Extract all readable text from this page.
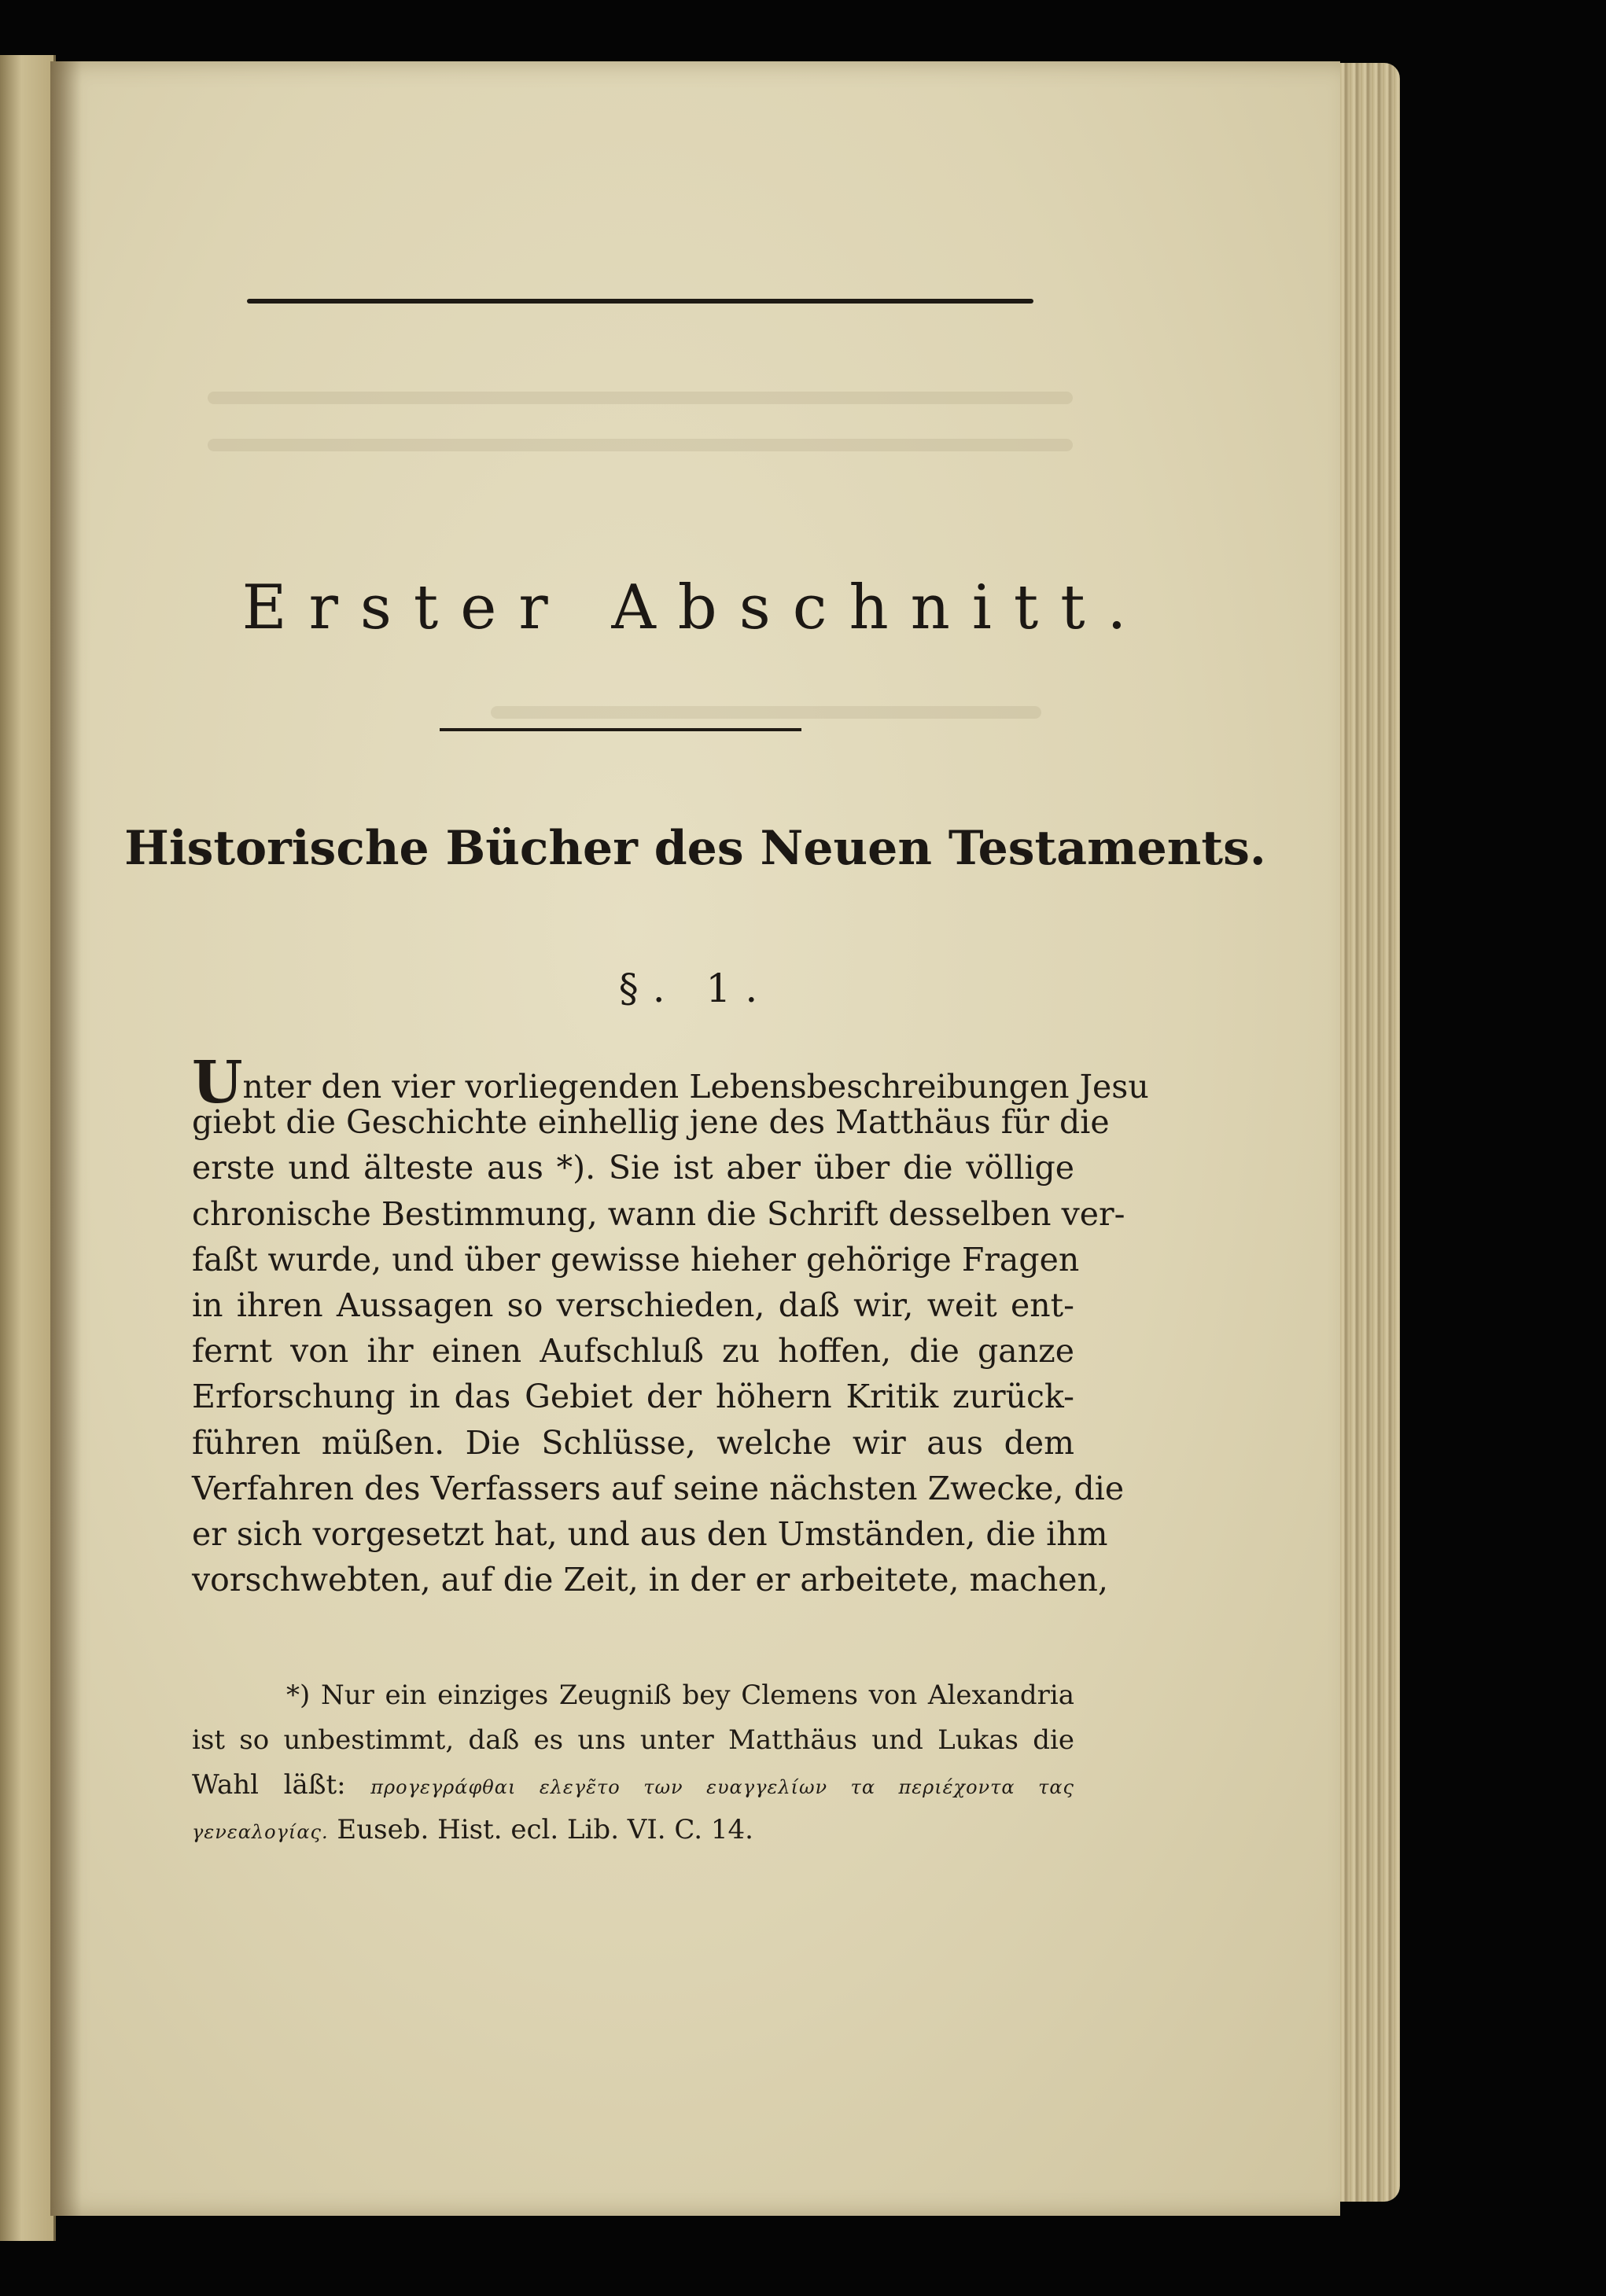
Erster Abschnitt.
Historische Bücher des Neuen Testaments.
§. 1.
Unter den vier vorliegenden Lebensbeschreibungen Jesu
giebt die Geschichte einhellig jene des Matthäus für die
erste und älteste aus *). Sie ist aber über die völlige
chronische Bestimmung, wann die Schrift desselben ver-
faßt wurde, und über gewisse hieher gehörige Fragen
in ihren Aussagen so verschieden, daß wir, weit ent-
fernt von ihr einen Aufschluß zu hoffen, die ganze
Erforschung in das Gebiet der höhern Kritik zurück-
führen müßen. Die Schlüsse, welche wir aus dem
Verfahren des Verfassers auf seine nächsten Zwecke, die
er sich vorgesetzt hat, und aus den Umständen, die ihm
vorschwebten, auf die Zeit, in der er arbeitete, machen,
*) Nur ein einziges Zeugniß bey Clemens von Alexandria
ist so unbestimmt, daß es uns unter Matthäus und Lukas die
Wahl läßt: προγεγράφθαι ελεγε̃το των ευαγγελίων τα περιέχοντα τας
γενεαλογίας. Euseb. Hist. ecl. Lib. VI. C. 14.
